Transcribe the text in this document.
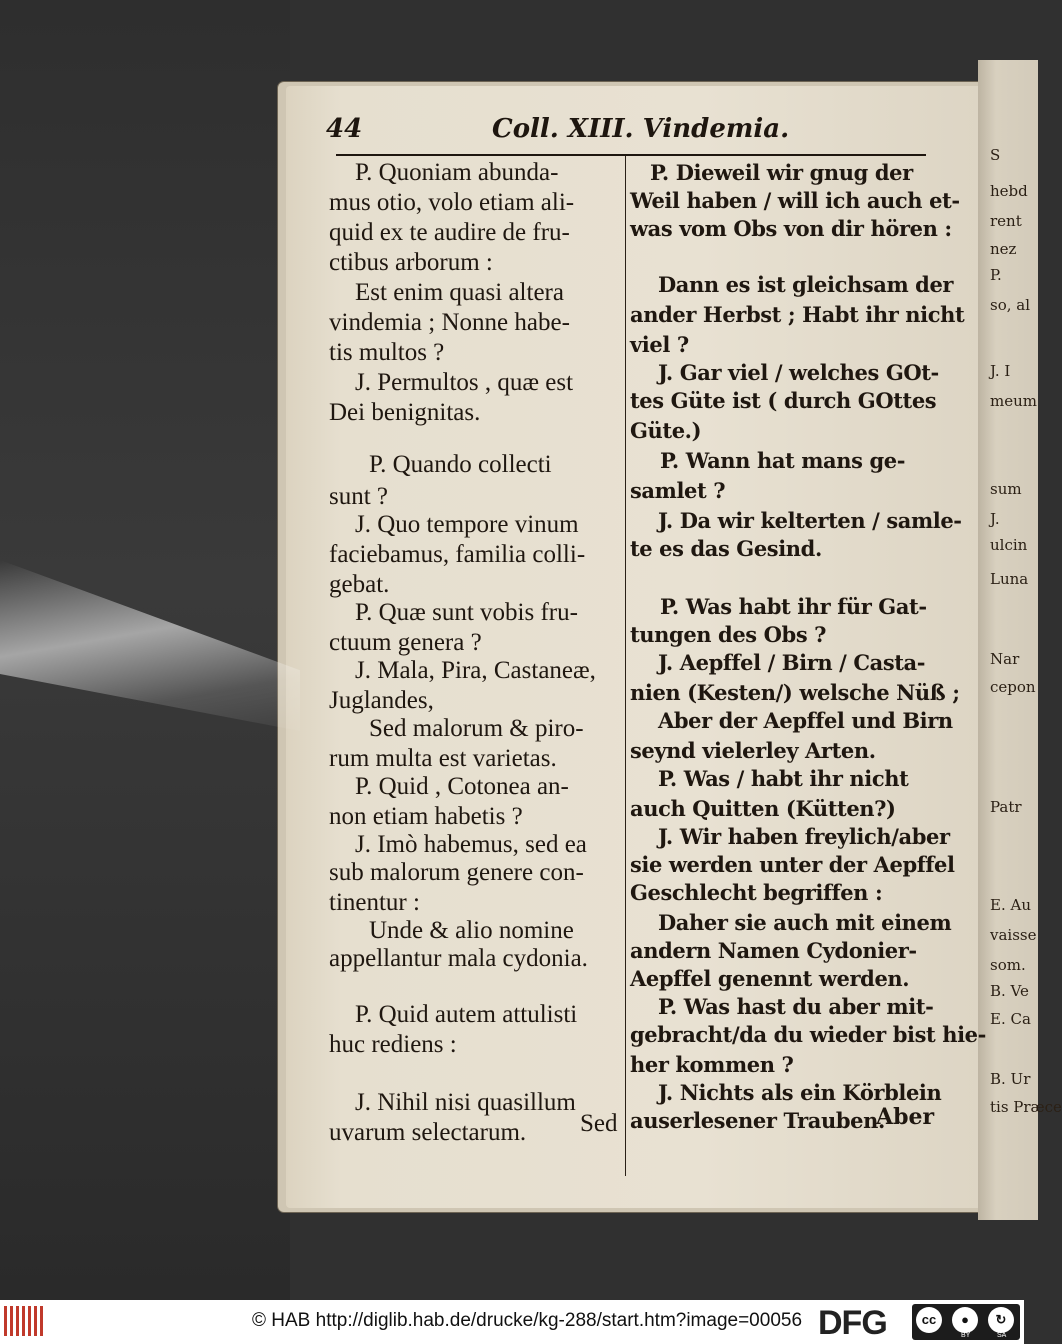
S
hebd
rent
nez
P.
so, al
J. I
meum
sum
J.
ulcin
Luna
Nar
cepon
Patr
E. Au
vaisse
som.
B. Ve
E. Ca
B. Ur
tis Præce
44	Coll. XIII. Vindemia.
P. Quoniam abunda-
mus otio, volo etiam ali-
quid ex te audire de fru-
ctibus arborum :
Est enim quasi altera
vindemia ; Nonne habe-
tis multos ?
J. Permultos , quæ est
Dei benignitas.
P. Quando collecti
sunt ?
J. Quo tempore vinum
faciebamus, familia colli-
gebat.
P. Quæ sunt vobis fru-
ctuum genera ?
J. Mala, Pira, Castaneæ,
Juglandes,
Sed malorum & piro-
rum multa est varietas.
P. Quid , Cotonea an-
non etiam habetis ?
J. Imò habemus, sed ea
sub malorum genere con-
tinentur :
Unde & alio nomine
appellantur mala cydonia.
P. Quid autem attulisti
huc rediens :
J. Nihil nisi quasillum
uvarum selectarum.
P. Dieweil wir gnug der
Weil haben / will ich auch et-
was vom Obs von dir hören :
Dann es ist gleichsam der
ander Herbst ; Habt ihr nicht
viel ?
J. Gar viel / welches GOt-
tes Güte ist ( durch GOttes
Güte.)
P. Wann hat mans ge-
samlet ?
J. Da wir kelterten / samle-
te es das Gesind.
P. Was habt ihr für Gat-
tungen des Obs ?
J. Aepffel / Birn / Casta-
nien (Kesten/) welsche Nüß ;
Aber der Aepffel und Birn
seynd vielerley Arten.
P. Was / habt ihr nicht
auch Quitten (Kütten?)
J. Wir haben freylich/aber
sie werden unter der Aepffel
Geschlecht begriffen :
Daher sie auch mit einem
andern Namen Cydonier-
Aepffel genennt werden.
P. Was hast du aber mit-
gebracht/da du wieder bist hie-
her kommen ?
J. Nichts als ein Körblein
auserlesener Trauben.
Sed	Aber
© HAB http://diglib.hab.de/drucke/kg-288/start.htm?image=00056 DFG	cc	●	↻
BY	SA
